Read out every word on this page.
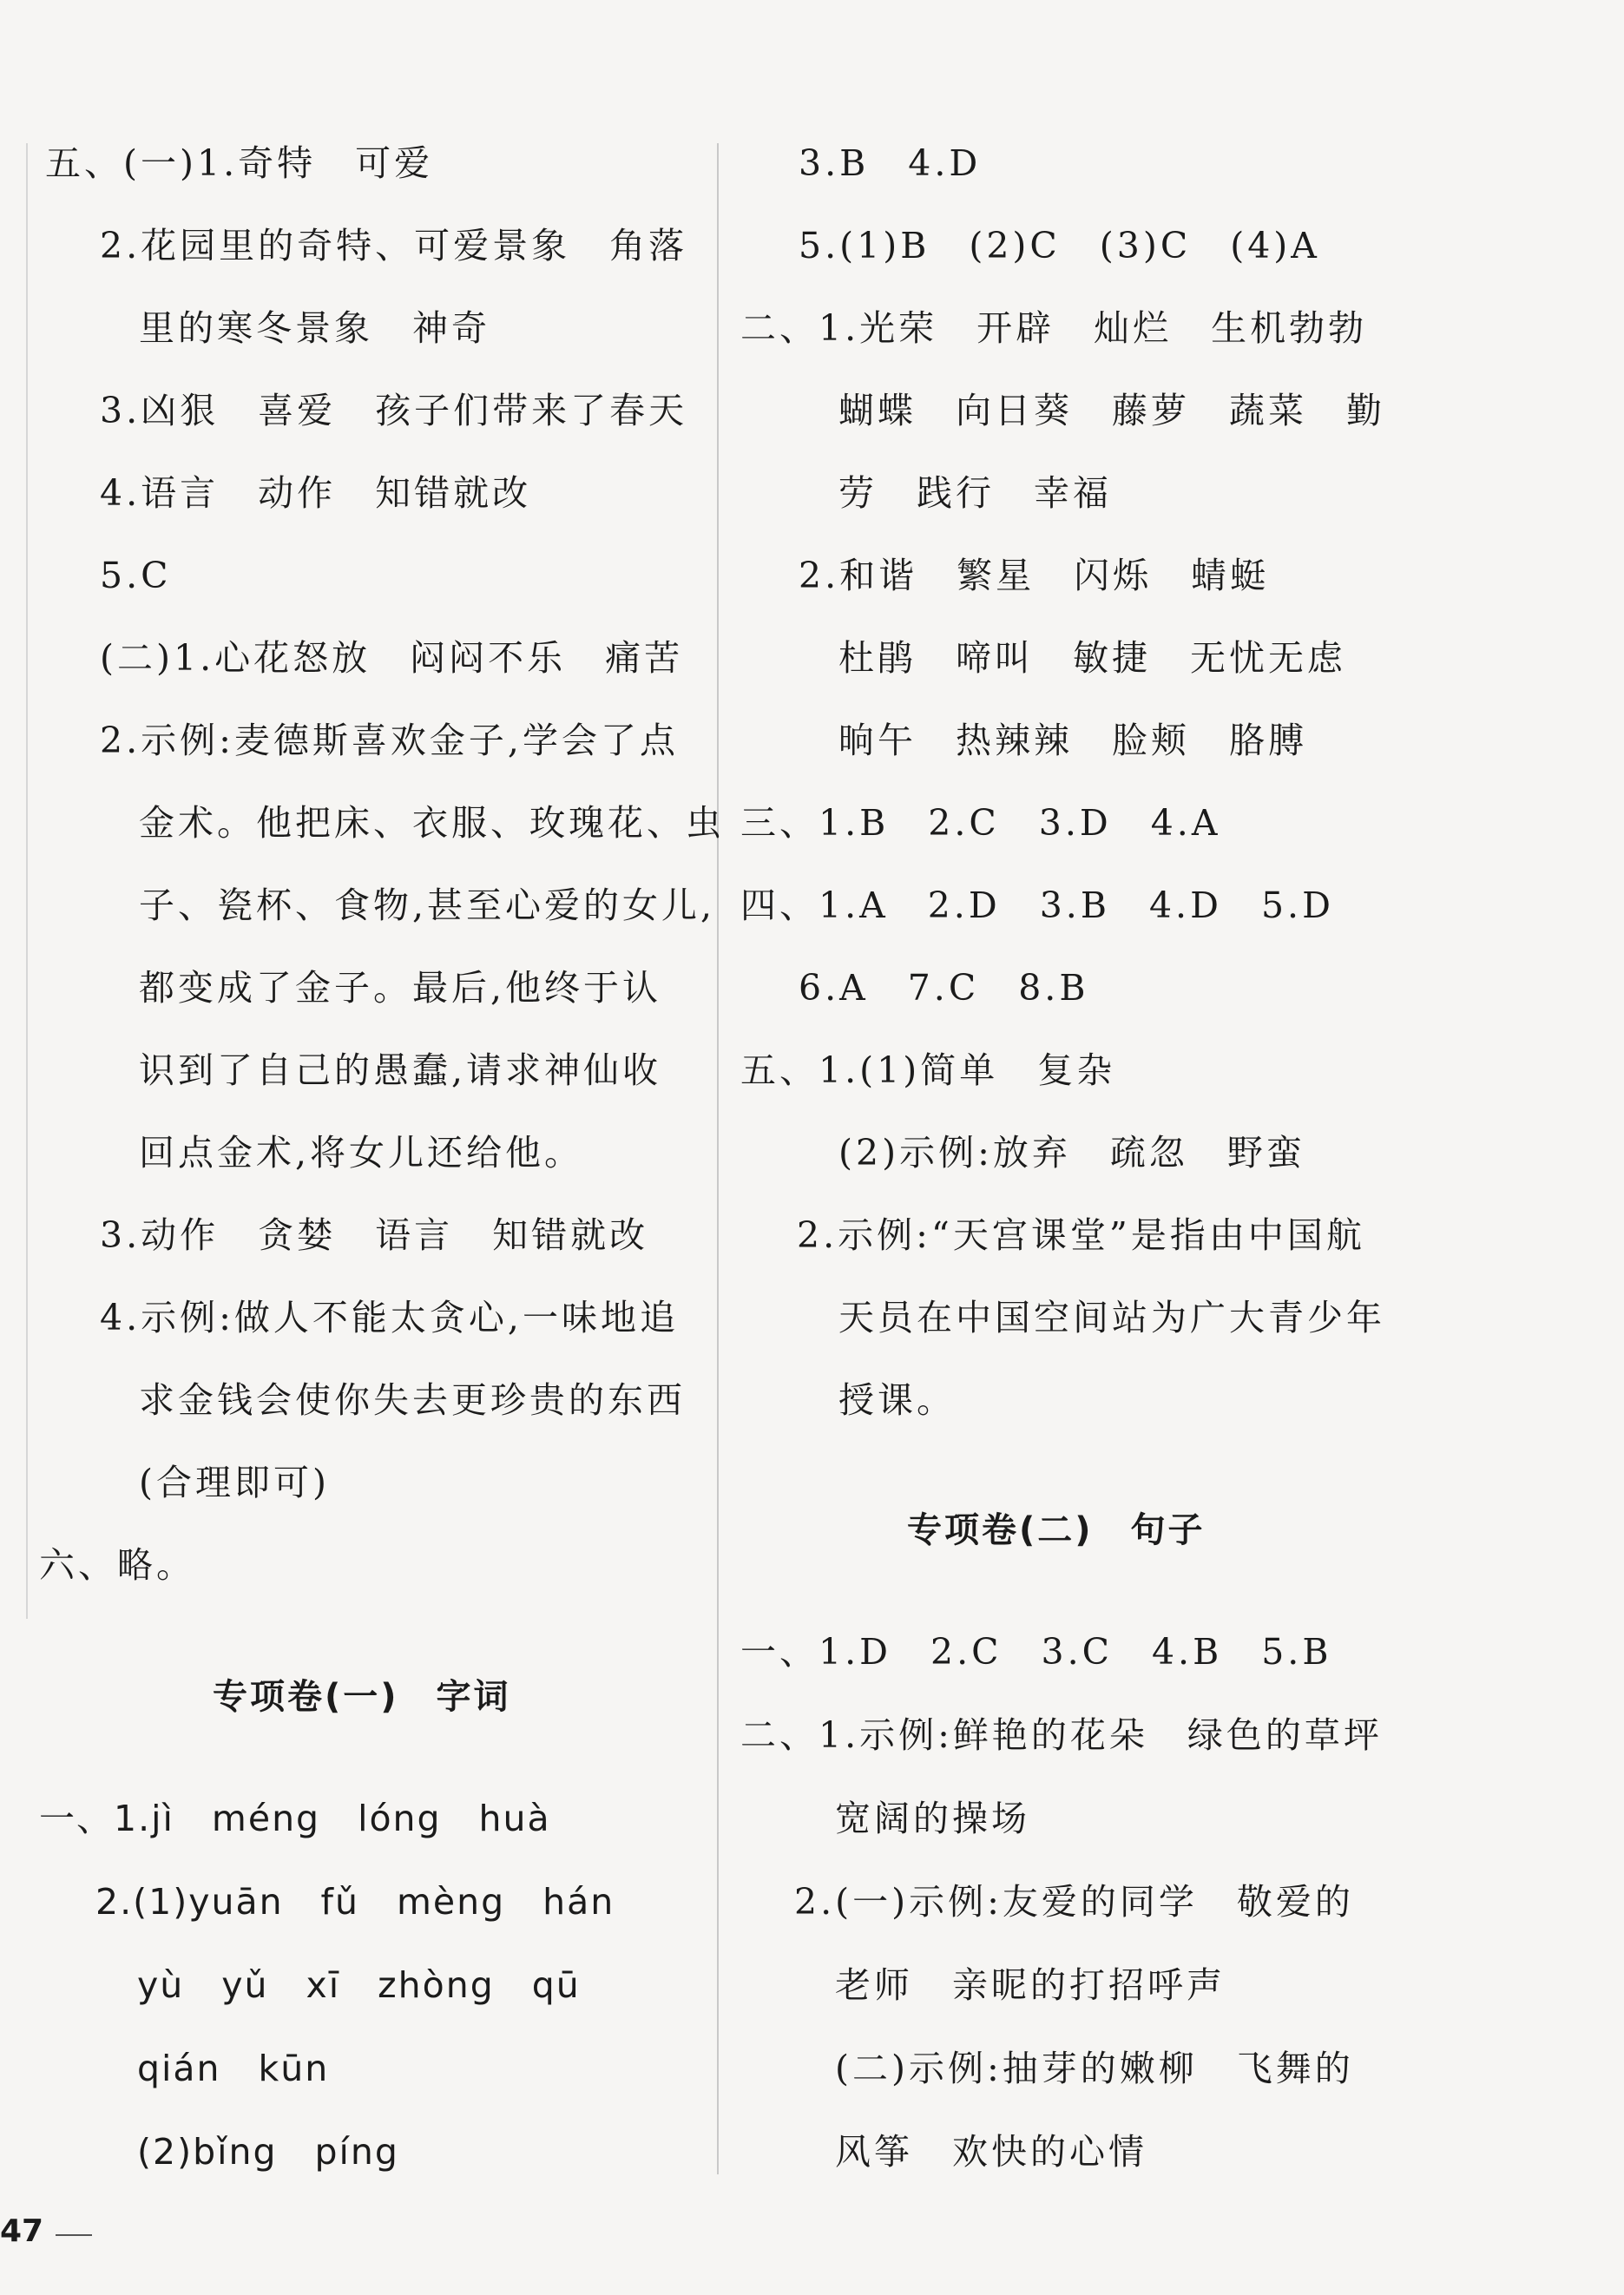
五、(一)1.奇特　可爱
2.花园里的奇特、可爱景象　角落
里的寒冬景象　神奇
3.凶狠　喜爱　孩子们带来了春天
4.语言　动作　知错就改
5.C
(二)1.心花怒放　闷闷不乐　痛苦
2.示例:麦德斯喜欢金子,学会了点
金术。他把床、衣服、玫瑰花、虫
子、瓷杯、食物,甚至心爱的女儿,
都变成了金子。最后,他终于认
识到了自己的愚蠢,请求神仙收
回点金术,将女儿还给他。
3.动作　贪婪　语言　知错就改
4.示例:做人不能太贪心,一味地追
求金钱会使你失去更珍贵的东西
(合理即可)
六、略。
专项卷(一)　字词
一、1.jì　méng　lóng　huà
2.(1)yuān　fǔ　mèng　hán
yù　yǔ　xī　zhòng　qū
qián　kūn
(2)bǐng　píng
3.B　4.D
5.(1)B　(2)C　(3)C　(4)A
二、1.光荣　开辟　灿烂　生机勃勃
蝴蝶　向日葵　藤萝　蔬菜　勤
劳　践行　幸福
2.和谐　繁星　闪烁　蜻蜓
杜鹃　啼叫　敏捷　无忧无虑
晌午　热辣辣　脸颊　胳膊
三、1.B　2.C　3.D　4.A
四、1.A　2.D　3.B　4.D　5.D
6.A　7.C　8.B
五、1.(1)简单　复杂
(2)示例:放弃　疏忽　野蛮
2.示例:“天宫课堂”是指由中国航
天员在中国空间站为广大青少年
授课。
专项卷(二)　句子
一、1.D　2.C　3.C　4.B　5.B
二、1.示例:鲜艳的花朵　绿色的草坪
宽阔的操场
2.(一)示例:友爱的同学　敬爱的
老师　亲昵的打招呼声
(二)示例:抽芽的嫩柳　飞舞的
风筝　欢快的心情
47
